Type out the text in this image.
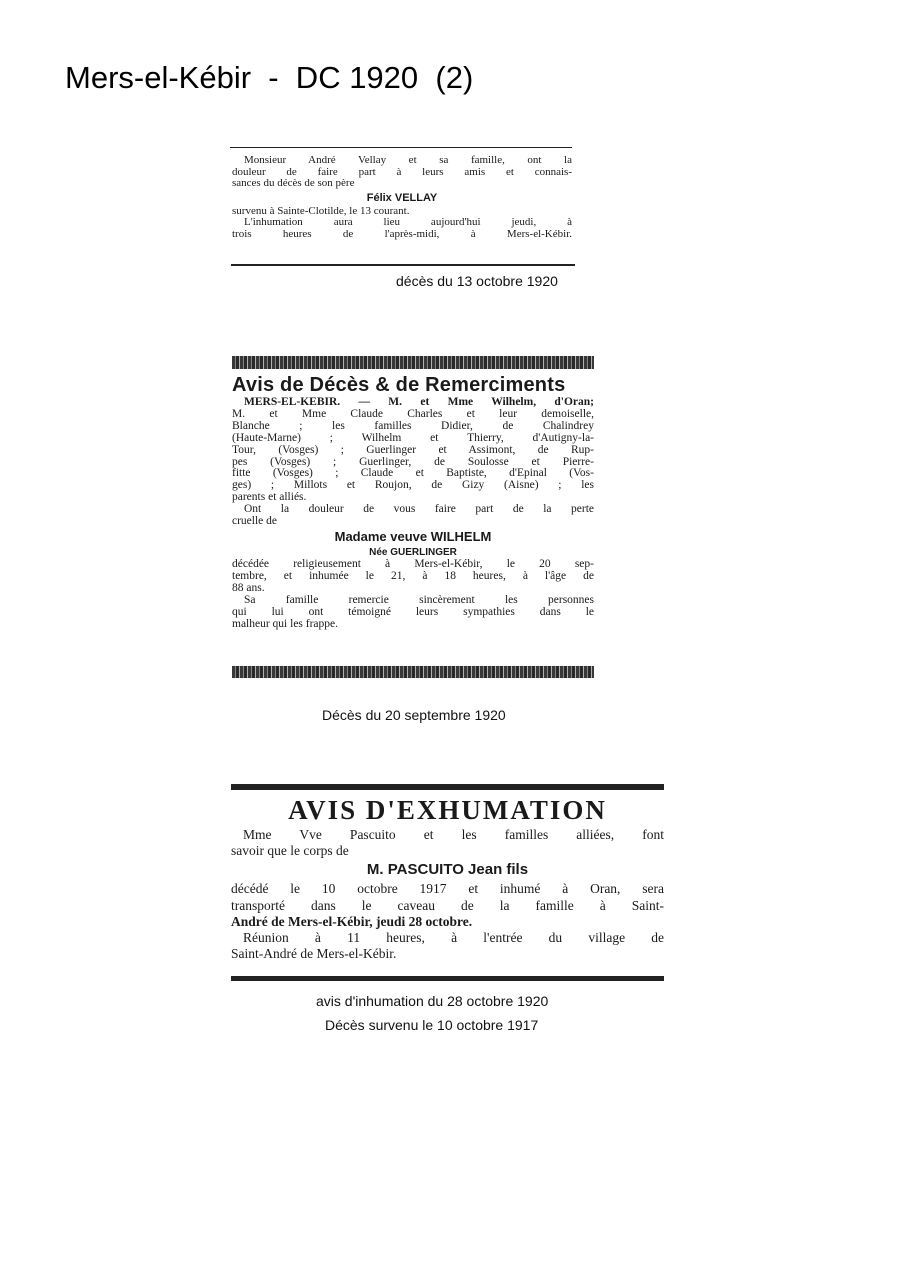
Mers-el-Kébir  -  DC 1920  (2)
Monsieur André Vellay et sa famille, ont la
douleur de faire part à leurs amis et connais-
sances du décès de son père
Félix VELLAY
survenu à Sainte-Clotilde, le 13 courant.
L'inhumation aura lieu aujourd'hui jeudi, à
trois heures de l'après-midi, à Mers-el-Kébir.
décès du 13 octobre 1920
Avis de Décès & de Remerciments
MERS-EL-KEBIR. — M. et Mme Wilhelm, d'Oran;
M. et Mme Claude Charles et leur demoiselle,
Blanche ; les familles Didier, de Chalindrey
(Haute-Marne) ; Wilhelm et Thierry, d'Autigny-la-
Tour, (Vosges) ; Guerlinger et Assimont, de Rup-
pes (Vosges) ; Guerlinger, de Soulosse et Pierre-
fitte (Vosges) ; Claude et Baptiste, d'Epinal (Vos-
ges) ; Millots et Roujon, de Gizy (Aisne) ; les
parents et alliés.
Ont la douleur de vous faire part de la perte
cruelle de
Madame veuve WILHELM
Née GUERLINGER
décédée religieusement à Mers-el-Kébir, le 20 sep-
tembre, et inhumée le 21, à 18 heures, à l'âge de
88 ans.
Sa famille remercie sincèrement les personnes
qui lui ont témoigné leurs sympathies dans le
malheur qui les frappe.
Décès du 20 septembre 1920
AVIS D'EXHUMATION
Mme Vve Pascuito et les familles alliées, font
savoir que le corps de
M. PASCUITO Jean fils
décédé le 10 octobre 1917 et inhumé à Oran, sera
transporté dans le caveau de la famille à Saint-
André de Mers-el-Kébir, jeudi 28 octobre.
Réunion à 11 heures, à l'entrée du village de
Saint-André de Mers-el-Kébir.
avis d'inhumation du 28 octobre 1920
Décès survenu le 10 octobre 1917
